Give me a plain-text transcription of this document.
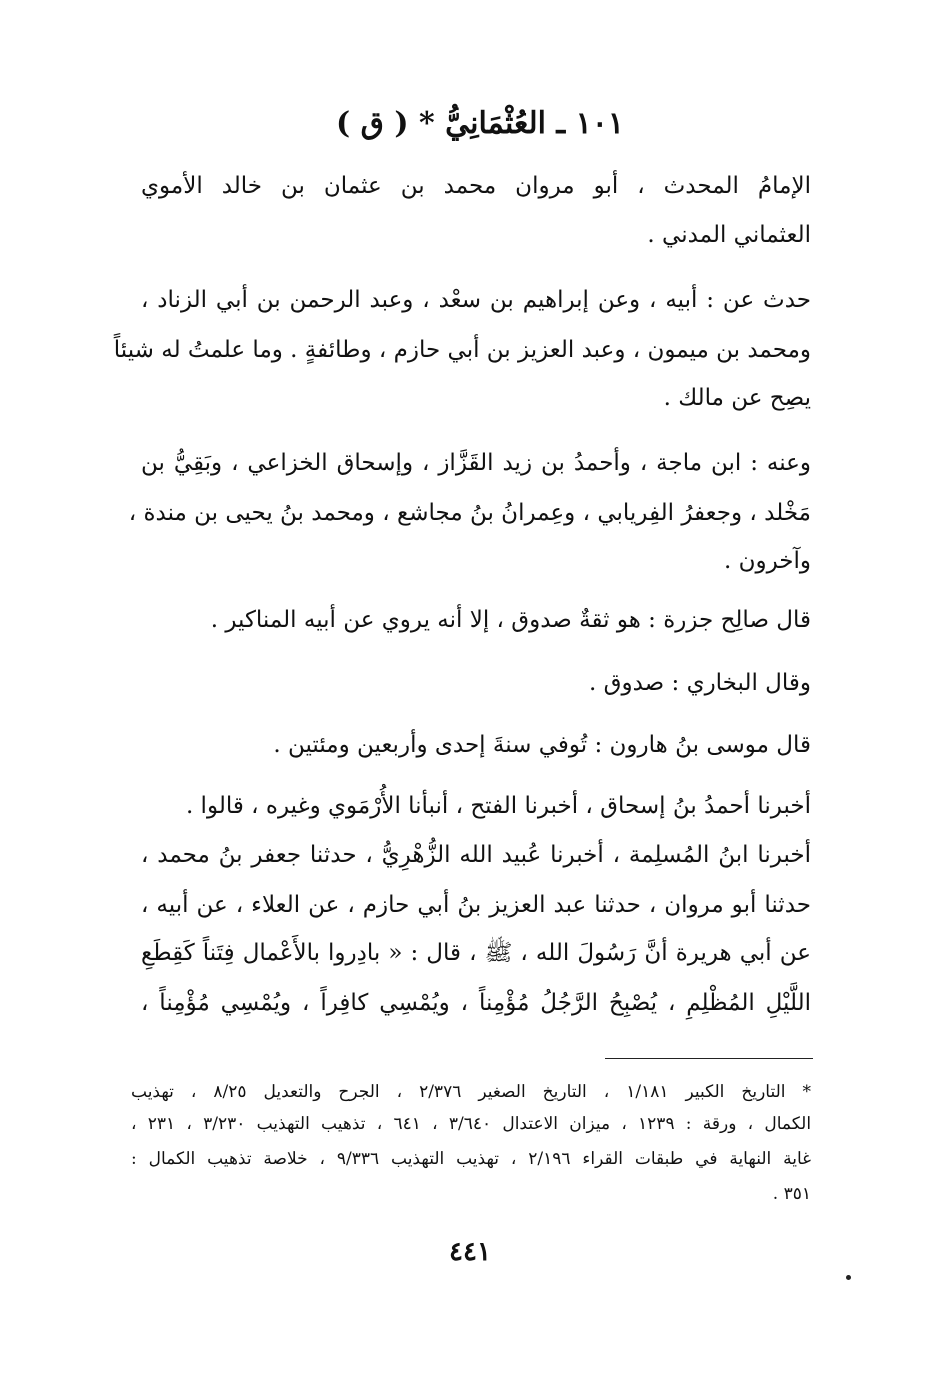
١٠١ ـ العُثْمَانِيُّ * ( ق )
الإمامُ المحدث ، أبو مروان محمد بن عثمان بن خالد الأموي
العثماني المدني .
حدث عن : أبيه ، وعن إبراهيم بن سعْد ، وعبد الرحمن بن أبي الزناد ،
ومحمد بن ميمون ، وعبد العزيز بن أبي حازم ، وطائفةٍ . وما علمتُ له شيئاً
يصِح عن مالك .
وعنه : ابن ماجة ، وأحمدُ بن زيد القَزَّاز ، وإسحاق الخزاعي ، وبَقِيُّ بن
مَخْلد ، وجعفرُ الفِريابي ، وعِمرانُ بنُ مجاشع ، ومحمد بنُ يحيى بن مندة ،
وآخرون .
قال صالِح جزرة : هو ثقةٌ صدوق ، إلا أنه يروي عن أبيه المناكير .
وقال البخاري : صدوق .
قال موسى بنُ هارون : تُوفي سنةَ إحدى وأربعين ومئتين .
أخبرنا أحمدُ بنُ إسحاق ، أخبرنا الفتح ، أنبأنا الأُرْمَوي وغيره ، قالوا .
أخبرنا ابنُ المُسلِمة ، أخبرنا عُبيد الله الزُّهْرِيُّ ، حدثنا جعفر بنُ محمد ،
حدثنا أبو مروان ، حدثنا عبد العزيز بنُ أبي حازم ، عن العلاء ، عن أبيه ،
عن أبي هريرة أنَّ رَسُولَ الله ، ﷺ ، قال : « بادِروا بالأَعْمال فِتَناً كَقِطَعِ
اللَّيْلِ المُظْلِمِ ، يُصْبِحُ الرَّجُلُ مُؤْمِناً ، ويُمْسِي كافِراً ، ويُمْسِي مُؤْمِناً ،
* التاريخ الكبير ١/١٨١ ، التاريخ الصغير ٢/٣٧٦ ، الجرح والتعديل ٨/٢٥ ، تهذيب
الكمال ، ورقة : ١٢٣٩ ، ميزان الاعتدال ٣/٦٤٠ ، ٦٤١ ، تذهيب التهذيب ٣/٢٣٠ ، ٢٣١ ،
غاية النهاية في طبقات القراء ٢/١٩٦ ، تهذيب التهذيب ٩/٣٣٦ ، خلاصة تذهيب الكمال :
٣٥١ .
٤٤١
